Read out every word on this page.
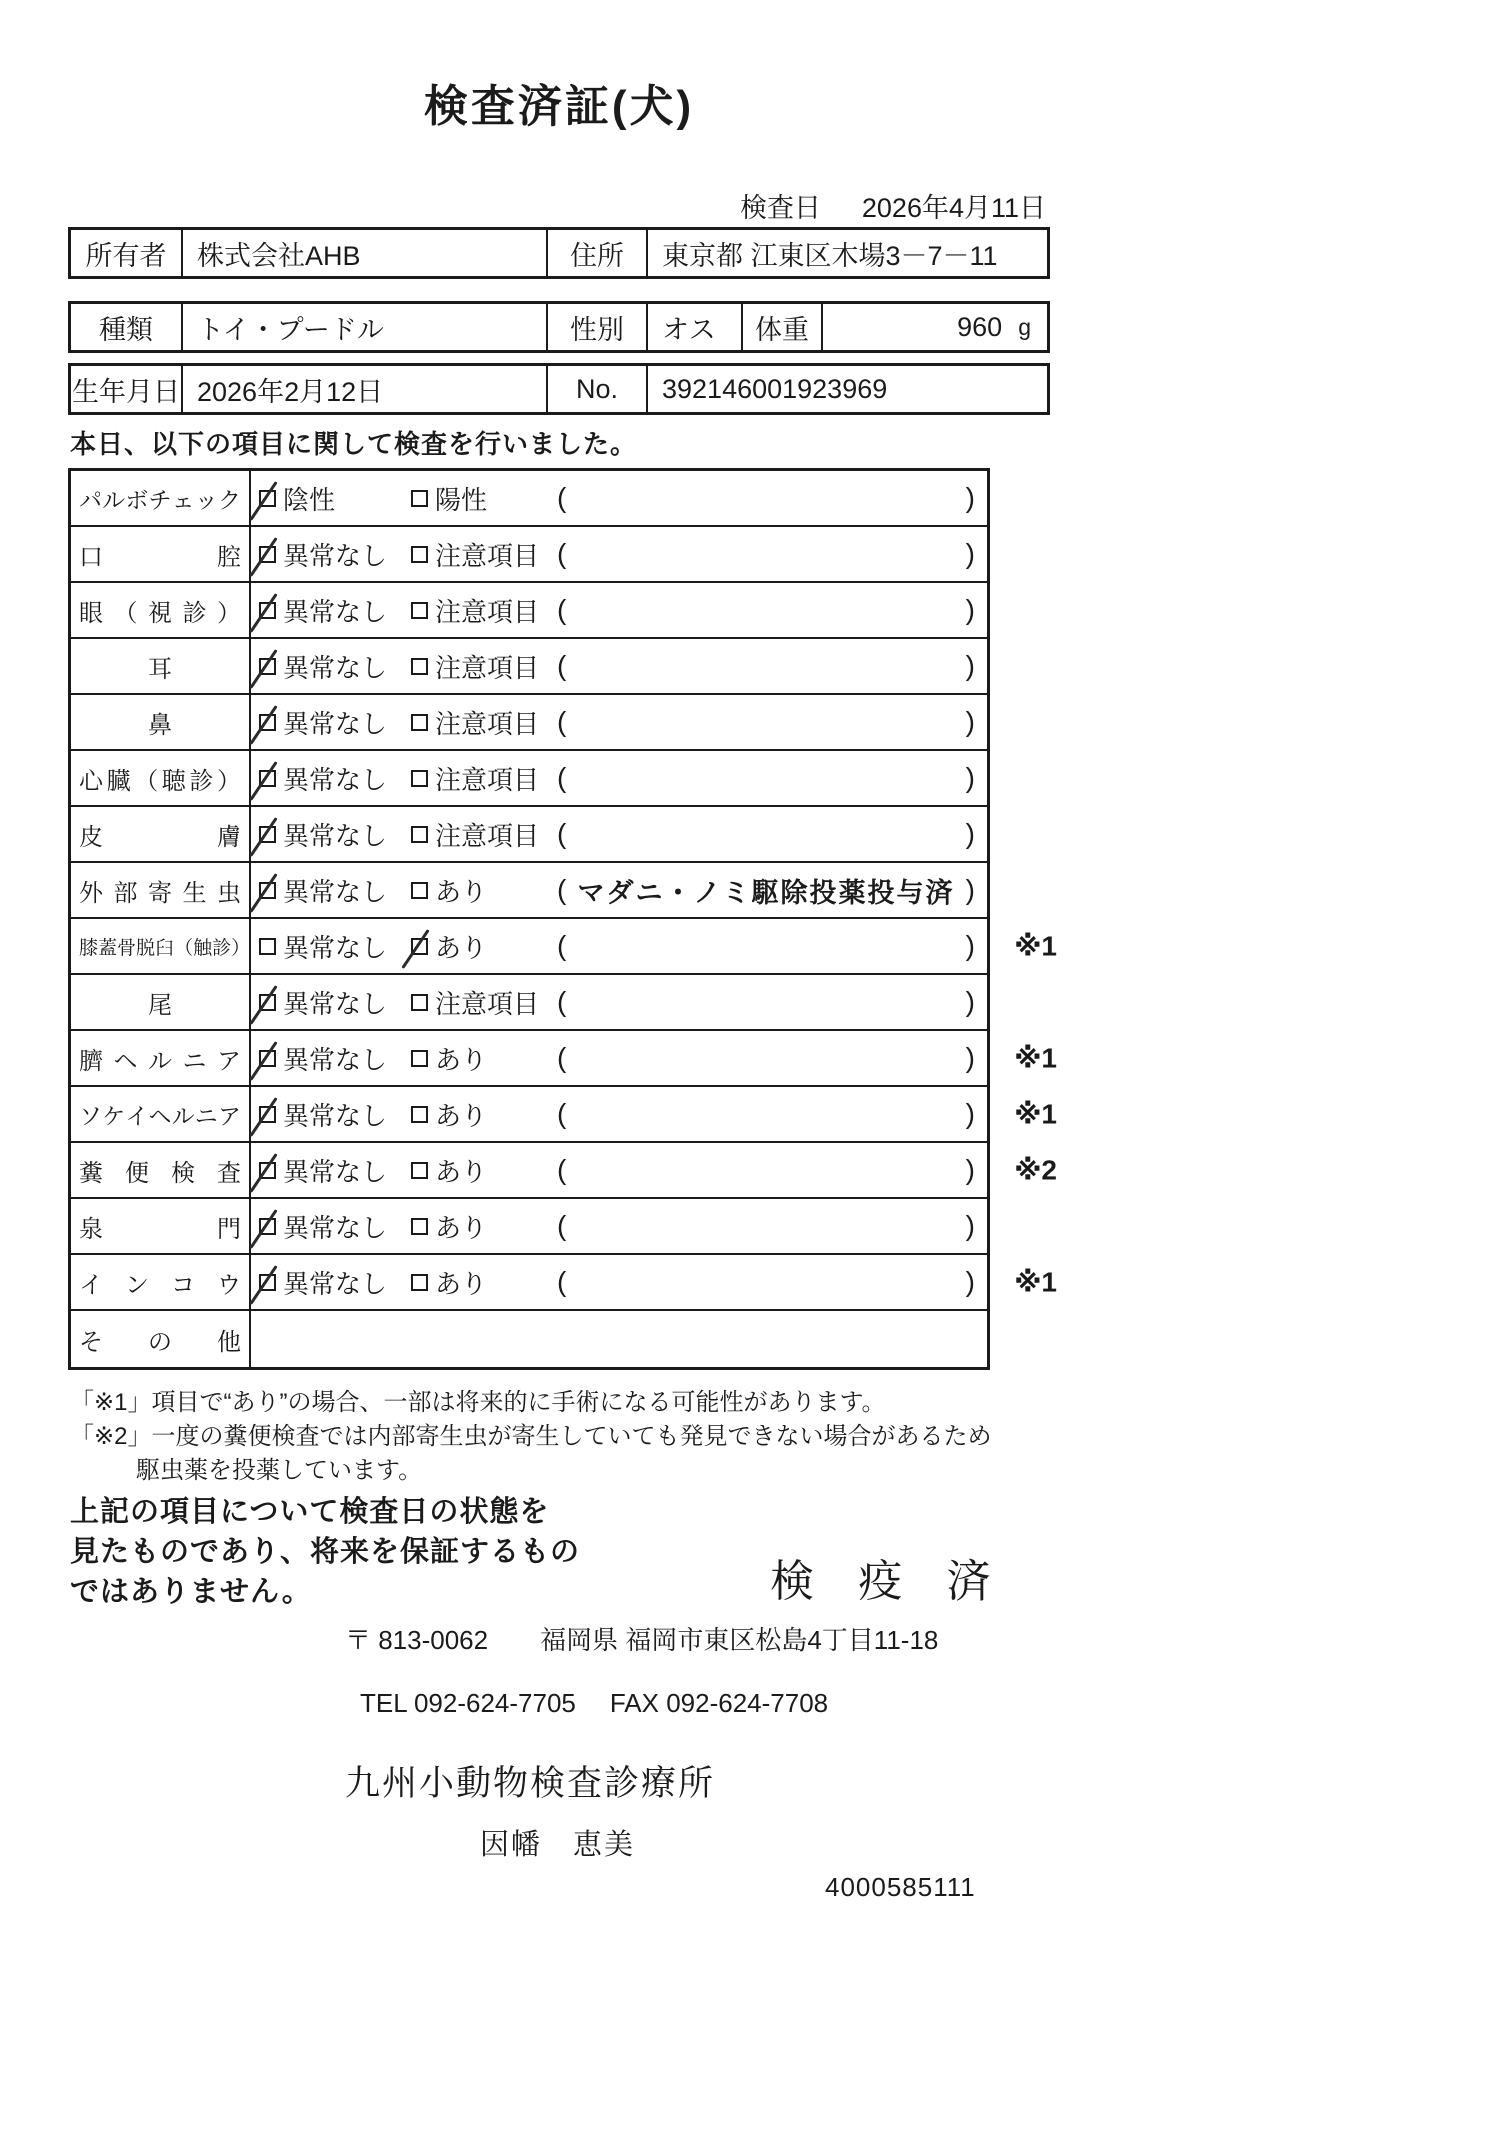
検査済証(犬)
検査日 2026年4月11日
所有者	株式会社AHB	住所	東京都 江東区木場3－7－11
種類	トイ・プードル	性別	オス	体重	960 g
生年月日 2026年2月12日	No.	392146001923969
本日、以下の項目に関して検査を行いました。
パ ル ボ チ ェ ッ ク 陰性	陽性 (	)
口	腔 異常なし 注意項目 (	)
眼 （ 視 診 ） 異常なし 注意項目 (	)
耳	異常なし 注意項目 (	)
鼻	異常なし 注意項目 (	)
心 臓 （ 聴 診 ） 異常なし 注意項目 (	)
皮	膚 異常なし 注意項目 (	)
外 部 寄 生 虫 異常なし あり ( マダニ・ノミ駆除投薬投与済 )
膝 蓋 骨 脱 臼 （ 触 診 ） 異常なし あり (	) ※1
尾	異常なし 注意項目 (	)
臍 ヘ ル ニ ア 異常なし あり (	) ※1
ソ ケ イ ヘ ル ニ ア 異常なし あり (	) ※1
糞 便 検 査 異常なし あり (	) ※2
泉	門 異常なし あり (	)
イ ン コ ウ 異常なし あり (	) ※1
そ の 他
「※1」項目で“あり”の場合、一部は将来的に手術になる可能性があります。
「※2」一度の糞便検査では内部寄生虫が寄生していても発見できない場合があるため
駆虫薬を投薬しています。
上記の項目について検査日の状態を
見たものであり、将来を保証するもの
ではありません。	検 疫 済
〒 813-0062 福岡県 福岡市東区松島4丁目11-18
TEL 092-624-7705 FAX 092-624-7708
九州小動物検査診療所
因幡　恵美
4000585111
